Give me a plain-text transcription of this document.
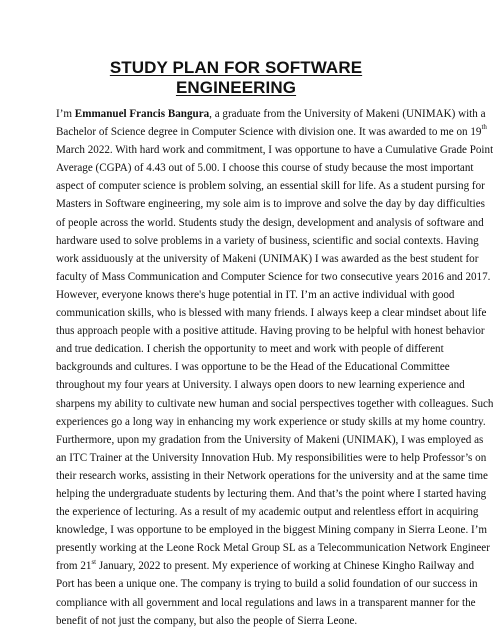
STUDY PLAN FOR SOFTWARE ENGINEERING
I’m Emmanuel Francis Bangura, a graduate from the University of Makeni (UNIMAK) with a
Bachelor of Science degree in Computer Science with division one. It was awarded to me on 19th
March 2022. With hard work and commitment, I was opportune to have a Cumulative Grade Point
Average (CGPA) of 4.43 out of 5.00. I choose this course of study because the most important
aspect of computer science is problem solving, an essential skill for life. As a student pursing for
Masters in Software engineering, my sole aim is to improve and solve the day by day difficulties
of people across the world. Students study the design, development and analysis of software and
hardware used to solve problems in a variety of business, scientific and social contexts. Having
work assiduously at the university of Makeni (UNIMAK) I was awarded as the best student for
faculty of Mass Communication and Computer Science for two consecutive years 2016 and 2017.
However, everyone knows there's huge potential in IT. I’m an active individual with good
communication skills, who is blessed with many friends. I always keep a clear mindset about life
thus approach people with a positive attitude. Having proving to be helpful with honest behavior
and true dedication. I cherish the opportunity to meet and work with people of different
backgrounds and cultures. I was opportune to be the Head of the Educational Committee
throughout my four years at University. I always open doors to new learning experience and
sharpens my ability to cultivate new human and social perspectives together with colleagues. Such
experiences go a long way in enhancing my work experience or study skills at my home country.
Furthermore, upon my gradation from the University of Makeni (UNIMAK), I was employed as
an ITC Trainer at the University Innovation Hub. My responsibilities were to help Professor’s on
their research works, assisting in their Network operations for the university and at the same time
helping the undergraduate students by lecturing them. And that’s the point where I started having
the experience of lecturing. As a result of my academic output and relentless effort in acquiring
knowledge, I was opportune to be employed in the biggest Mining company in Sierra Leone. I’m
presently working at the Leone Rock Metal Group SL as a Telecommunication Network Engineer
from 21st January, 2022 to present. My experience of working at Chinese Kingho Railway and
Port has been a unique one. The company is trying to build a solid foundation of our success in
compliance with all government and local regulations and laws in a transparent manner for the
benefit of not just the company, but also the people of Sierra Leone.
